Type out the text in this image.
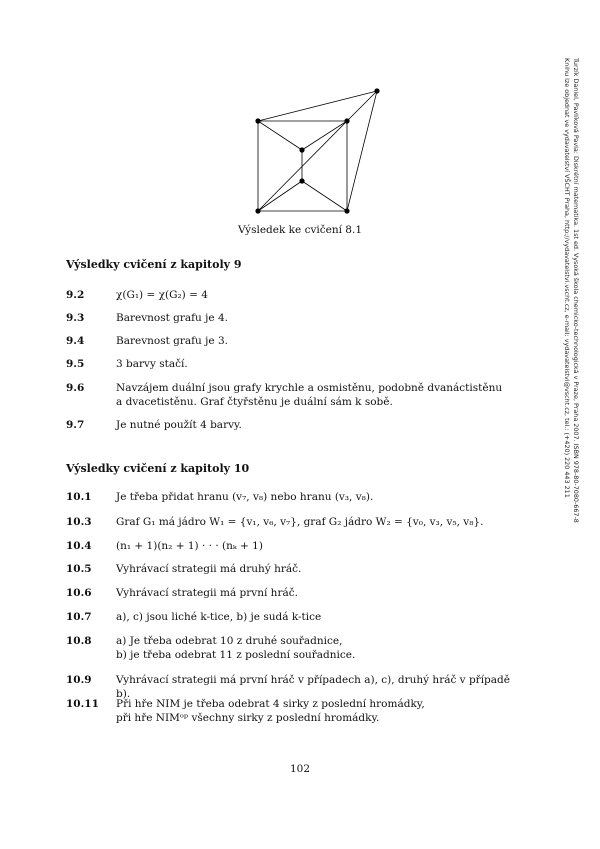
Výsledek ke cvičení 8.1
Výsledky cvičení z kapitoly 9
9.2	χ(G₁) = χ(G₂) = 4
9.3	Barevnost grafu je 4.
9.4	Barevnost grafu je 3.
9.5	3 barvy stačí.
9.6	Navzájem duální jsou grafy krychle a osmistěnu, podobně dvanáctistěnu
a dvacetistěnu. Graf čtyřstěnu je duální sám k sobě.
9.7	Je nutné použít 4 barvy.
Výsledky cvičení z kapitoly 10
10.1 Je třeba přidat hranu (v₇, v₈) nebo hranu (v₃, v₈).
10.3 Graf G₁ má jádro W₁ = {v₁, v₆, v₇}, graf G₂ jádro W₂ = {v₀, v₃, v₅, v₈}.
10.4 (n₁ + 1)(n₂ + 1) · · · (nₖ + 1)
10.5 Vyhrávací strategii má druhý hráč.
10.6 Vyhrávací strategii má první hráč.
10.7 a), c) jsou liché k-tice, b) je sudá k-tice
10.8 a) Je třeba odebrat 10 z druhé souřadnice,
b) je třeba odebrat 11 z poslední souřadnice.
10.9 Vyhrávací strategii má první hráč v případech a), c), druhý hráč v případě b).
10.11 Při hře NIM je třeba odebrat 4 sirky z poslední hromádky,
při hře NIMᵒᵖ všechny sirky z poslední hromádky.
102
Turzík Daniel, Pavlíková Pavla: Diskrétní matematika. 1st ed. Vysoká škola chemicko-technologická v Praze, Praha 2007. ISBN 978-80-7080-667-8
Knihu lze objednat ve vydavatelství VŠCHT Praha, http://vydavatelstvi.vscht.cz, e-mail: vydavatelstvi@vscht.cz, tel.: (+420) 220 443 211
